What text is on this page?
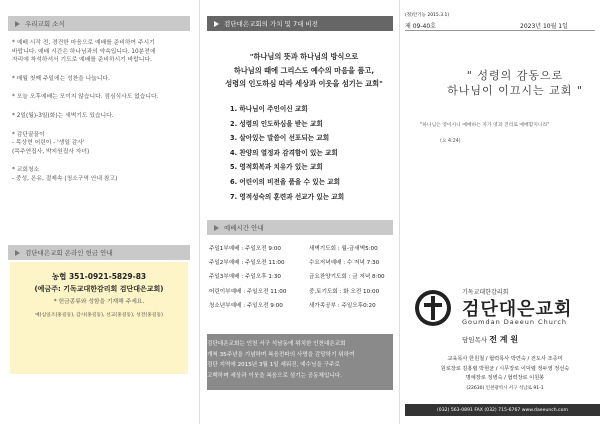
우리교회 소식

* 예배 시작 전, 경건한 마음으로 예배를 준비하여 주시기

바랍니다. 예배 시간은 하나님과의 약속입니다. 10분전에

자리에 착석하셔서 기도로 예배를 준비하시기 바랍니다.

* 매월 첫째 주일에는 성찬을 나눕니다.

* 오늘 오후예배는 모이지 않습니다. 점심식사도 없습니다.

* 2일(월)-3일(화)는 새벽기도 있습니다.

* 감단꿀꿀이

- 목상현 어린이 - '생일 감사'

(목주연집사, 박지원집사 자녀)

* 교회청소

- 중성, 온유, 절제속 (청소구역 안내 참고)

검단대은교회 온라인 헌금 안내

농협 351-0921-5829-83

(예금주: 기독교대한감리회 검단대은교회)

* 헌금종류와 성함을 기재해 주세요.

예)십일조(홍길동), 감사(홍길동), 선교(홍길동), 성전(홍길동)

검단대은교회의 가치 및 7대 비전

"하나님의 뜻과 하나님의 방식으로

하나님의 때에 그리스도 예수의 마음을 품고,

성령의 인도하심 따라 세상과 이웃을 섬기는 교회"

1. 하나님이 주인이신 교회

2. 성령의 인도하심을 받는 교회

3. 살아있는 말씀이 선포되는 교회

4. 찬양의 열정과 감격함이 있는 교회

5. 영적회복과 치유가 있는 교회

6. 어린이의 비전을 품을 수 있는 교회

7. 영적성숙의 훈련과 선교가 있는 교회

예배시간 안내
주일1부예배 : 주일오전 9:00	새벽기도회 : 월-금새벽5:00
주일2부예배 : 주일오전 11:00	수요저녁예배 : 수 저녁 7:30
주일3부예배 : 주일오후 1:30	금요찬양기도회 : 금 저녁 8:00
어린이부예배 : 주일오전 11:00	중,토기도회 : 화 오전 10:00
청소년부예배 : 주일오전 9:00	새가족공부 : 주일오후0:20

검단대은교회는 인천 서구 석남동에 위치한 인천대은교회

개척 35주년을 기념하며 복음전파의 사명을 감당하기 위하여

검단 지역에 2015년 3월 1일 세워진, 예수님을 구주로

고백하며 세상과 이웃을 복음으로 섬기는 공동체입니다.

(정)안기능 2015.3.1)
제 09-40호	2023년 10월 1일

" 성령의 감동으로

하나님이 이끄시는 교회 "

"하나님은 영이시니 예배하는 자가 영과 진리로 예배할지니라"
(요 4:24)
기독교대한감리회
검단대은교회
Goumdan Daeeun Church
담임목사 전 계 원

교육목사 한원철 / 협력목사 박연숙 / 전도사 조증미

원로장로 김홍렬 박현균 / 시무장로 이덕렬 정두영 정선숙

명예장로 정병숙 / 협력장로 이원봉

(22630) 인천광역시 서구 석남로 91-1

(032) 563-0891 FAX (032) 715-6767 www.daeeunch.com
